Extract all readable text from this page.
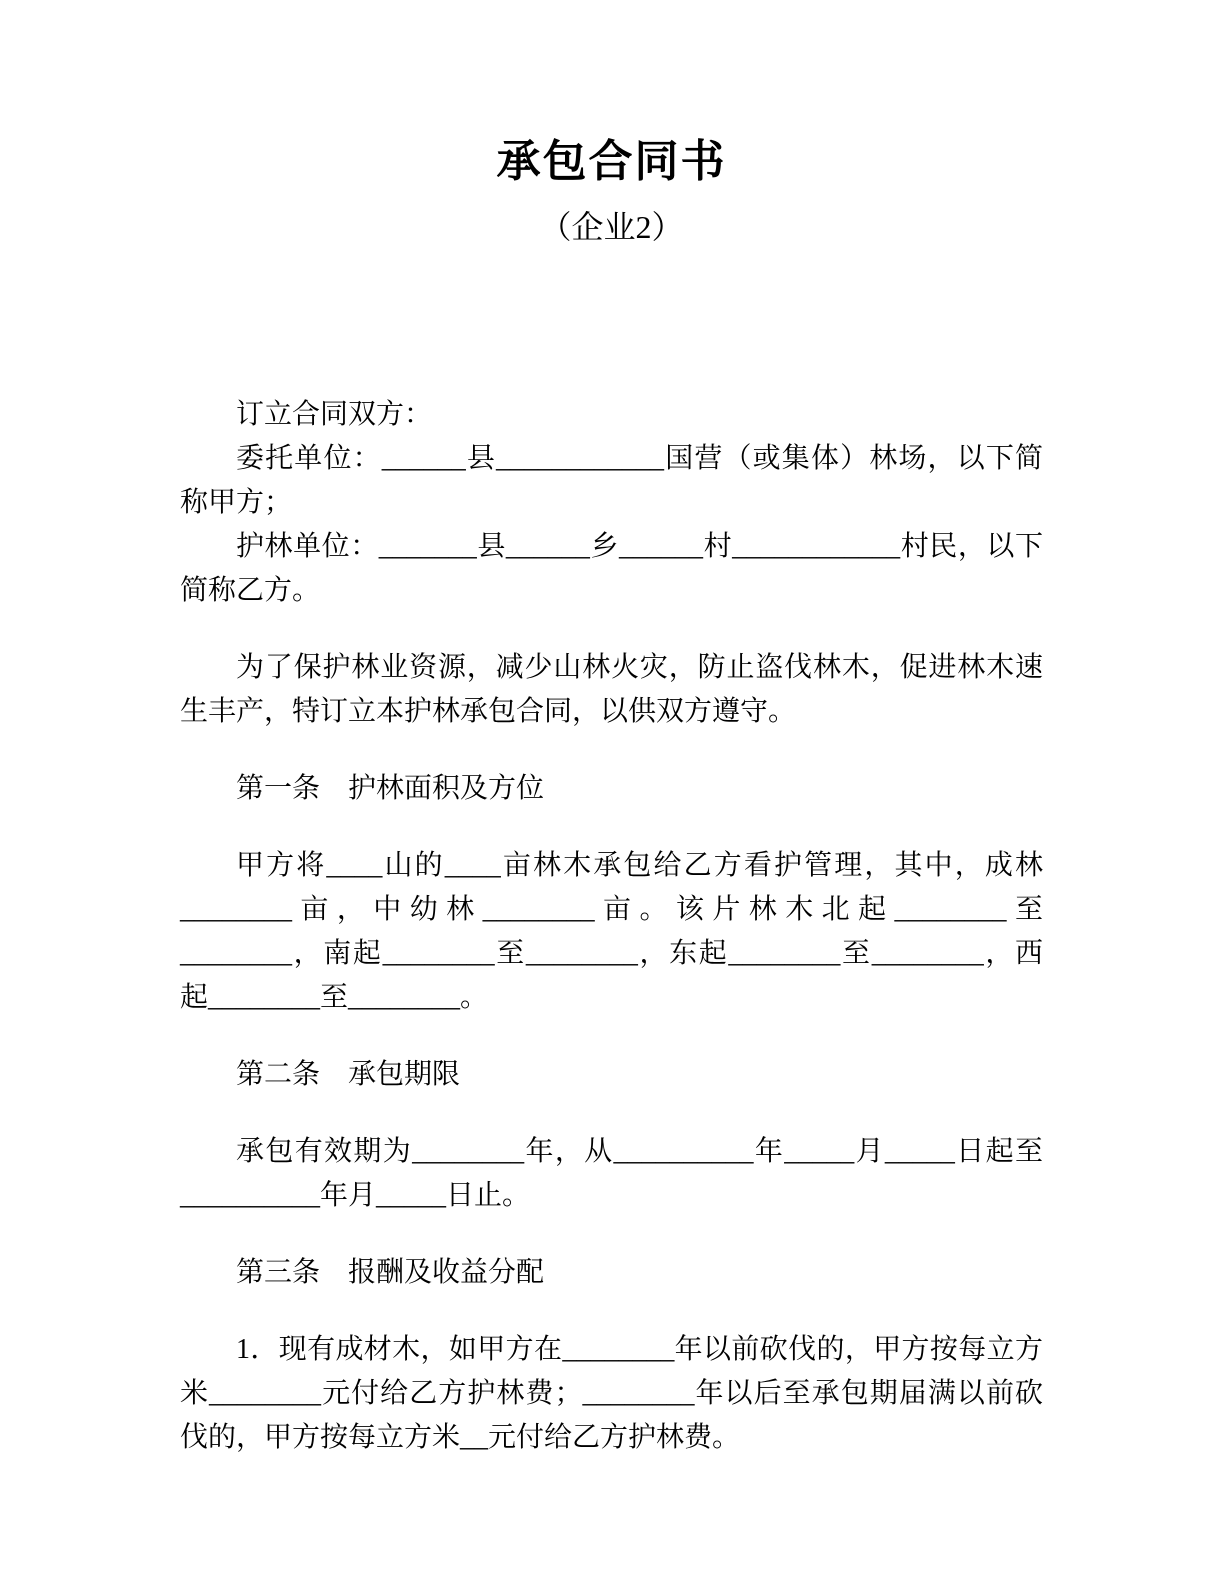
承包合同书
（企业2）
订立合同双方：
委托单位：______县____________国营（或集体）林场，以下简称甲方；
护林单位：_______县______乡______村____________村民，以下简称乙方。
为了保护林业资源，减少山林火灾，防止盗伐林木，促进林木速生丰产，特订立本护林承包合同，以供双方遵守。
第一条　护林面积及方位
甲方将____山的____亩林木承包给乙方看护管理，其中，成林________亩，中幼林________亩。该片林木北起________至________，南起________至________，东起________至________，西起________至________。
第二条　承包期限
承包有效期为________年，从__________年_____月_____日起至__________年月_____日止。
第三条　报酬及收益分配
1．现有成材木，如甲方在________年以前砍伐的，甲方按每立方米________元付给乙方护林费；________年以后至承包期届满以前砍伐的，甲方按每立方米__元付给乙方护林费。
